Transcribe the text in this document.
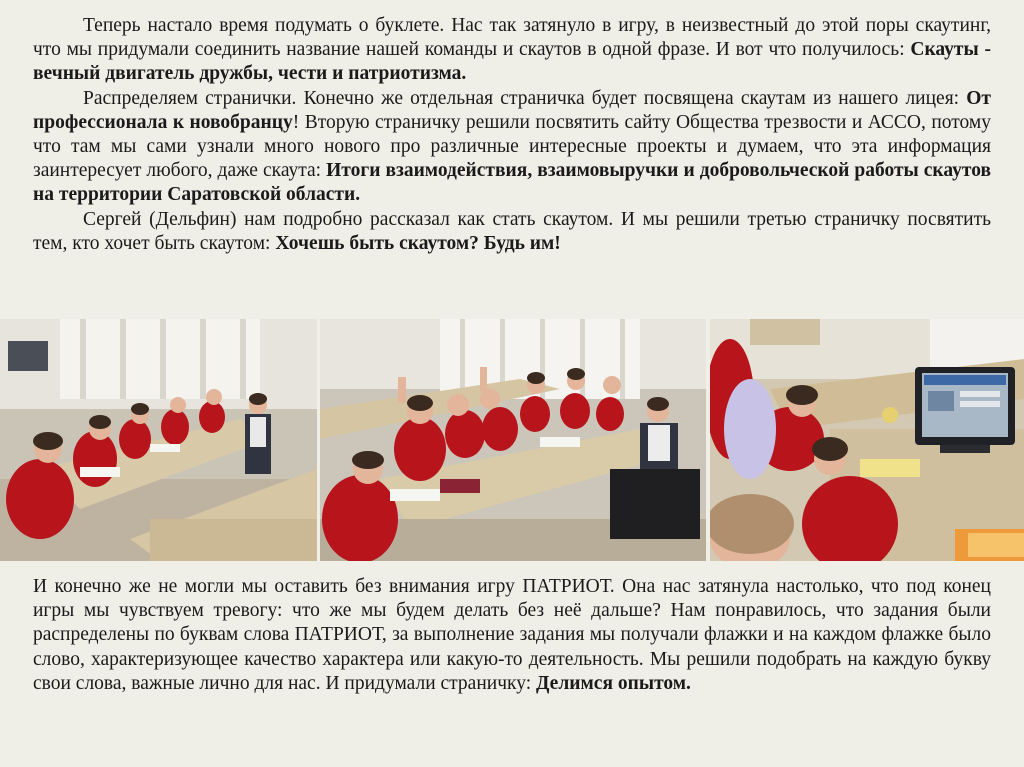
Теперь настало время подумать о буклете. Нас так затянуло в игру, в неизвестный до этой поры скаутинг, что мы придумали соединить название нашей команды и скаутов в одной фразе. И вот что получилось: Скауты - вечный двигатель дружбы, чести и патриотизма.

Распределяем странички. Конечно же отдельная страничка будет посвящена скаутам из нашего лицея: От профессионала к новобранцу! Вторую страничку решили посвятить сайту Общества трезвости и АССО, потому что там мы сами узнали много нового про различные интересные проекты и думаем, что эта информация заинтересует любого, даже скаута: Итоги взаимодействия, взаимовыручки и добровольческой работы скаутов на территории Саратовской области.

Сергей (Дельфин) нам подробно рассказал как стать скаутом. И мы решили третью страничку посвятить тем, кто хочет быть скаутом: Хочешь быть скаутом? Будь им!

И конечно же не могли мы оставить без внимания игру ПАТРИОТ. Она нас затянула настолько, что под конец игры мы чувствуем тревогу: что же мы будем делать без неё дальше? Нам понравилось, что задания были распределены по буквам слова ПАТРИОТ, за выполнение задания мы получали флажки и на каждом флажке было слово, характеризующее качество характера или какую-то деятельность. Мы решили подобрать на каждую букву свои слова, важные лично для нас. И придумали страничку: Делимся опытом.
